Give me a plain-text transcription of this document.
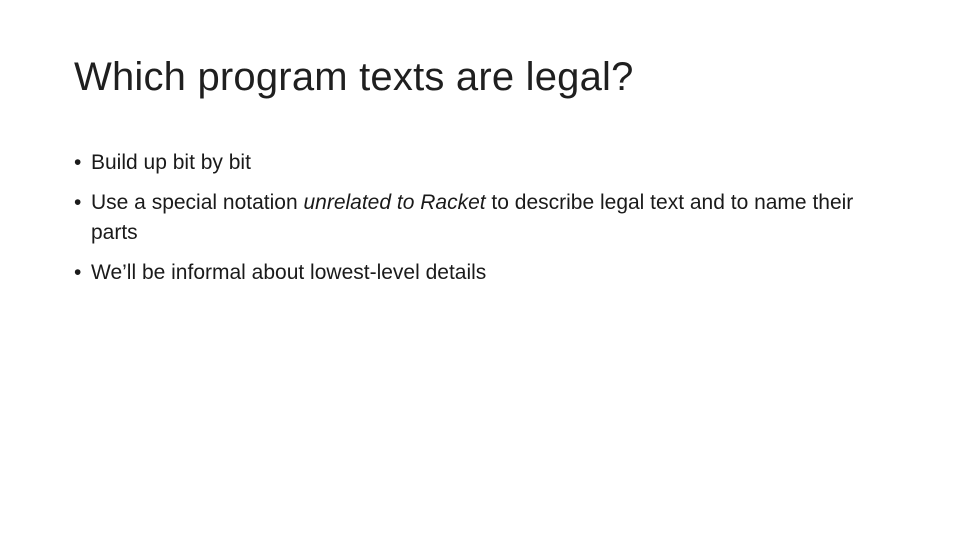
Which program texts are legal?
• Build up bit by bit
• Use a special notation unrelated to Racket to describe legal text and to name their parts
• We’ll be informal about lowest-level details
